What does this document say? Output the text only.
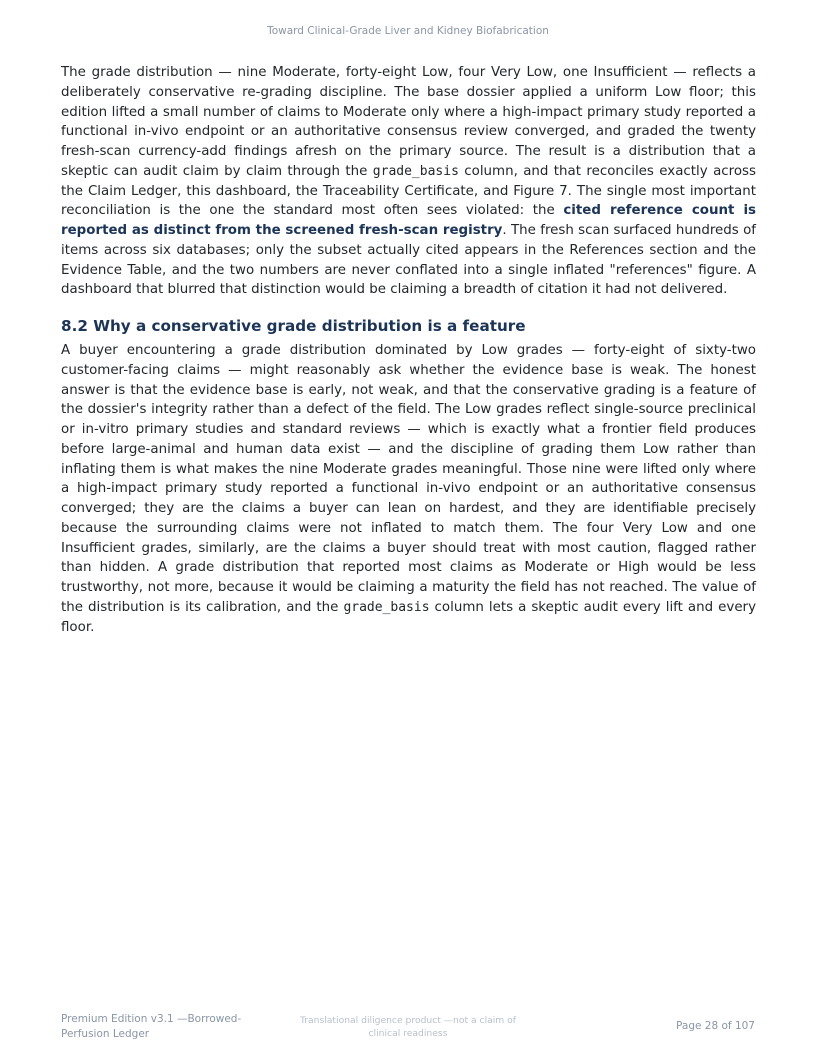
Toward Clinical-Grade Liver and Kidney Biofabrication

The grade distribution — nine Moderate, forty-eight Low, four Very Low, one Insufficient — reflects a deliberately conservative re-grading discipline. The base dossier applied a uniform Low floor; this edition lifted a small number of claims to Moderate only where a high-impact primary study reported a functional in-vivo endpoint or an authoritative consensus review converged, and graded the twenty fresh-scan currency-add findings afresh on the primary source. The result is a distribution that a skeptic can audit claim by claim through the grade_basis column, and that reconciles exactly across the Claim Ledger, this dashboard, the Traceability Certificate, and Figure 7. The single most important reconciliation is the one the standard most often sees violated: the cited reference count is reported as distinct from the screened fresh-scan registry. The fresh scan surfaced hundreds of items across six databases; only the subset actually cited appears in the References section and the Evidence Table, and the two numbers are never conflated into a single inflated "references" figure. A dashboard that blurred that distinction would be claiming a breadth of citation it had not delivered.

8.2 Why a conservative grade distribution is a feature

A buyer encountering a grade distribution dominated by Low grades — forty-eight of sixty-two customer-facing claims — might reasonably ask whether the evidence base is weak. The honest answer is that the evidence base is early, not weak, and that the conservative grading is a feature of the dossier's integrity rather than a defect of the field. The Low grades reflect single-source preclinical or in-vitro primary studies and standard reviews — which is exactly what a frontier field produces before large-animal and human data exist — and the discipline of grading them Low rather than inflating them is what makes the nine Moderate grades meaningful. Those nine were lifted only where a high-impact primary study reported a functional in-vivo endpoint or an authoritative consensus converged; they are the claims a buyer can lean on hardest, and they are identifiable precisely because the surrounding claims were not inflated to match them. The four Very Low and one Insufficient grades, similarly, are the claims a buyer should treat with most caution, flagged rather than hidden. A grade distribution that reported most claims as Moderate or High would be less trustworthy, not more, because it would be claiming a maturity the field has not reached. The value of the distribution is its calibration, and the grade_basis column lets a skeptic audit every lift and every floor.

Premium Edition v3.1 —Borrowed-Perfusion Ledger
Translational diligence product —not a claim of clinical readiness
Page 28 of 107
